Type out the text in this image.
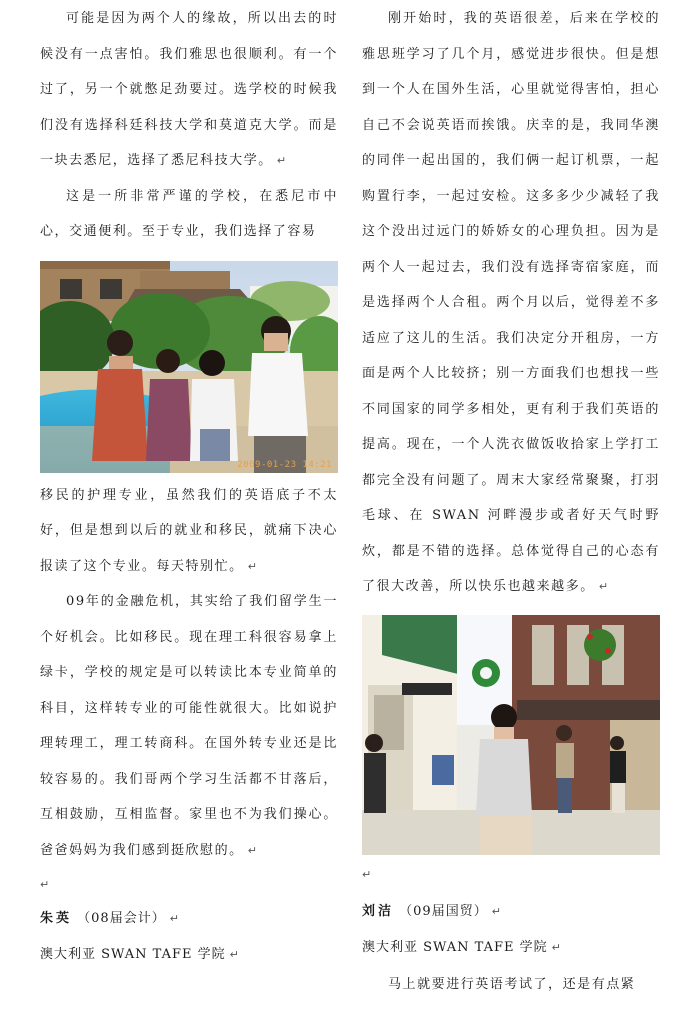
可能是因为两个人的缘故，所以出去的时候没有一点害怕。我们雅思也很顺利。有一个过了，另一个就憋足劲要过。选学校的时候我们没有选择科廷科技大学和莫道克大学。而是一块去悉尼，选择了悉尼科技大学。 ↵

这是一所非常严谨的学校，在悉尼市中心，交通便利。至于专业，我们选择了容易

2009-01-23 14:21

移民的护理专业，虽然我们的英语底子不太好，但是想到以后的就业和移民，就痛下决心报读了这个专业。每天特别忙。 ↵

09年的金融危机，其实给了我们留学生一个好机会。比如移民。现在理工科很容易拿上绿卡，学校的规定是可以转读比本专业简单的科目，这样转专业的可能性就很大。比如说护理转理工，理工转商科。在国外转专业还是比较容易的。我们哥两个学习生活都不甘落后，互相鼓励，互相监督。家里也不为我们操心。爸爸妈妈为我们感到挺欣慰的。 ↵

↵
朱英 （08届会计） ↵
澳大利亚 SWAN TAFE 学院 ↵

刚开始时，我的英语很差，后来在学校的雅思班学习了几个月，感觉进步很快。但是想到一个人在国外生活，心里就觉得害怕，担心自己不会说英语而挨饿。庆幸的是，我同华澳的同伴一起出国的，我们俩一起订机票，一起购置行李，一起过安检。这多多少少减轻了我这个没出过远门的娇娇女的心理负担。因为是两个人一起过去，我们没有选择寄宿家庭，而是选择两个人合租。两个月以后，觉得差不多适应了这儿的生活。我们决定分开租房，一方面是两个人比较挤；别一方面我们也想找一些不同国家的同学多相处，更有利于我们英语的提高。现在，一个人洗衣做饭收拾家上学打工都完全没有问题了。周末大家经常聚聚，打羽毛球、在 SWAN 河畔漫步或者好天气时野炊，都是不错的选择。总体觉得自己的心态有了很大改善，所以快乐也越来越多。 ↵

↵
刘洁 （09届国贸） ↵
澳大利亚 SWAN TAFE 学院 ↵

马上就要进行英语考试了，还是有点紧
